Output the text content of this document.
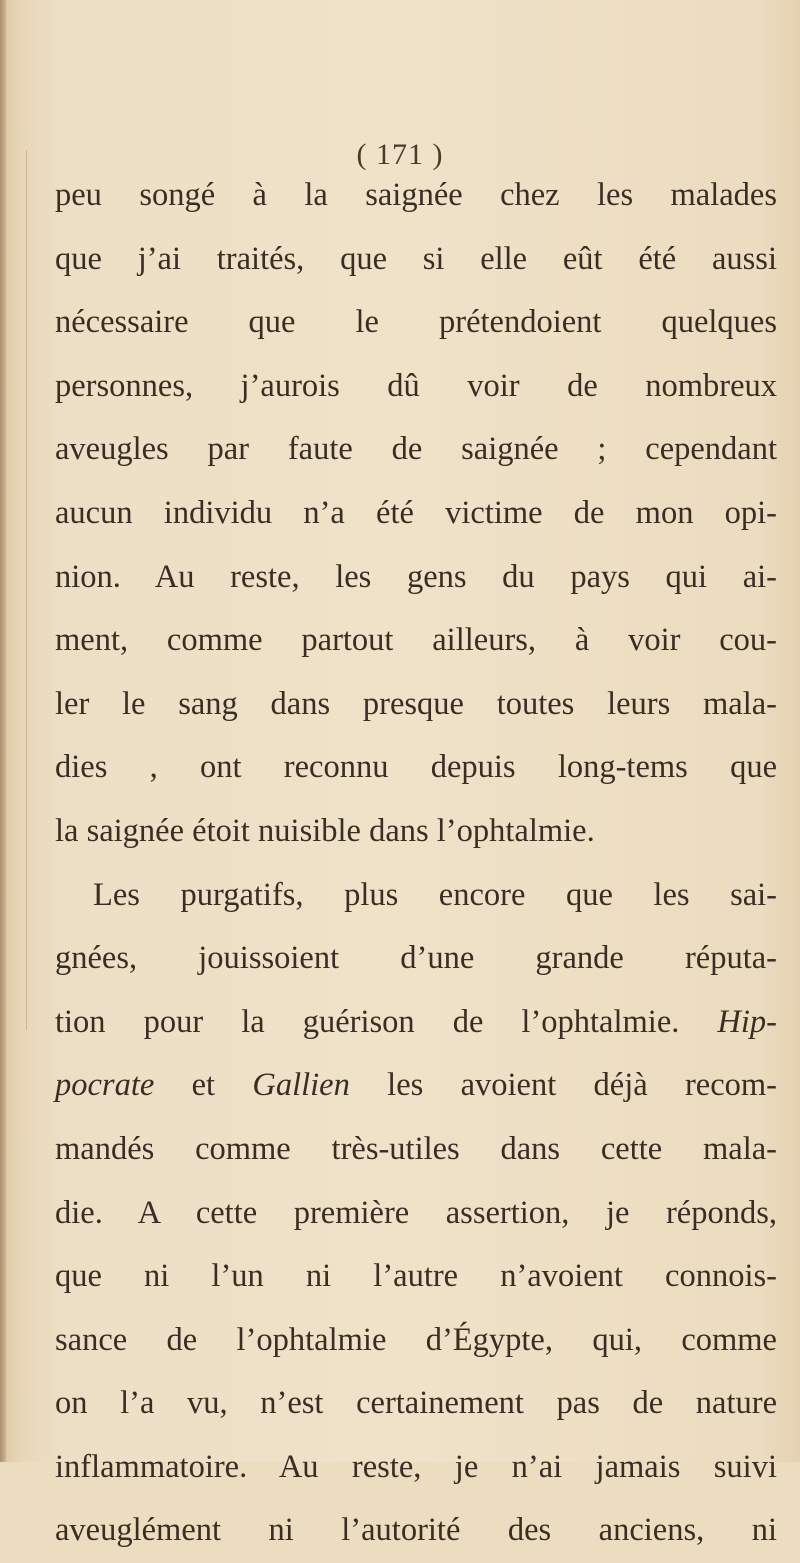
( 171 )
peu songé à la saignée chez les malades
que j’ai traités, que si elle eût été aussi
nécessaire que le prétendoient quelques
personnes, j’aurois dû voir de nombreux
aveugles par faute de saignée ; cependant
aucun individu n’a été victime de mon opi-
nion. Au reste, les gens du pays qui ai-
ment, comme partout ailleurs, à voir cou-
ler le sang dans presque toutes leurs mala-
dies , ont reconnu depuis long-tems que
la saignée étoit nuisible dans l’ophtalmie.
Les purgatifs, plus encore que les sai-
gnées, jouissoient d’une grande réputa-
tion pour la guérison de l’ophtalmie. Hip-
pocrate et Gallien les avoient déjà recom-
mandés comme très-utiles dans cette mala-
die. A cette première assertion, je réponds,
que ni l’un ni l’autre n’avoient connois-
sance de l’ophtalmie d’Égypte, qui, comme
on l’a vu, n’est certainement pas de nature
inflammatoire. Au reste, je n’ai jamais suivi
aveuglément ni l’autorité des anciens, ni
